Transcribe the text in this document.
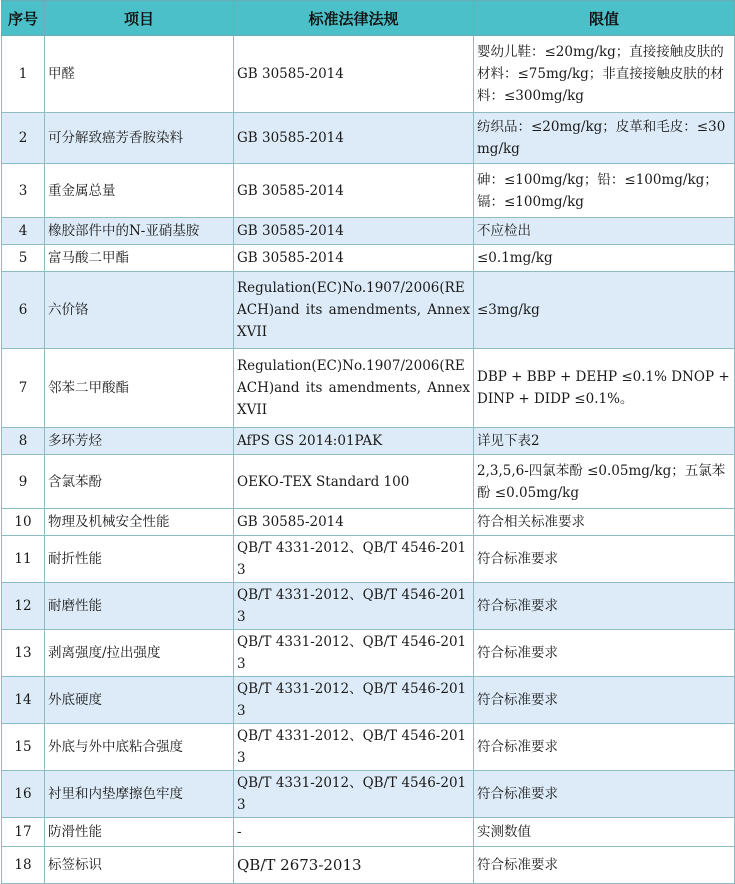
序号	项目	标准法律法规	限值
1	甲醛	GB 30585-2014	婴幼儿鞋：≤20mg/kg；直接接触皮肤的材料：≤75mg/kg；非直接接触皮肤的材料：≤300mg/kg
2	可分解致癌芳香胺染料	GB 30585-2014	纺织品：≤20mg/kg；皮革和毛皮：≤30mg/kg
3	重金属总量	GB 30585-2014	砷：≤100mg/kg；铅：≤100mg/kg；镉：≤100mg/kg
4	橡胶部件中的N-亚硝基胺	GB 30585-2014	不应检出
5	富马酸二甲酯	GB 30585-2014	≤0.1mg/kg
6	六价铬	Regulation(EC)No.1907/2006(REACH)and its amendments, Annex XVII	≤3mg/kg
7	邻苯二甲酸酯	Regulation(EC)No.1907/2006(REACH)and its amendments, Annex XVII	DBP + BBP + DEHP ≤0.1% DNOP + DINP + DIDP ≤0.1%。
8	多环芳烃	AfPS GS 2014:01PAK	详见下表2
9	含氯苯酚	OEKO-TEX Standard 100	2,3,5,6-四氯苯酚 ≤0.05mg/kg；五氯苯酚 ≤0.05mg/kg
10	物理及机械安全性能	GB 30585-2014	符合相关标准要求
11	耐折性能	QB/T 4331-2012、QB/T 4546-2013	符合标准要求
12	耐磨性能	QB/T 4331-2012、QB/T 4546-2013	符合标准要求
13	剥离强度/拉出强度	QB/T 4331-2012、QB/T 4546-2013	符合标准要求
14	外底硬度	QB/T 4331-2012、QB/T 4546-2013	符合标准要求
15	外底与外中底粘合强度	QB/T 4331-2012、QB/T 4546-2013	符合标准要求
16	衬里和内垫摩擦色牢度	QB/T 4331-2012、QB/T 4546-2013	符合标准要求
17	防滑性能	-	实测数值
18	标签标识	QB/T 2673-2013	符合标准要求
